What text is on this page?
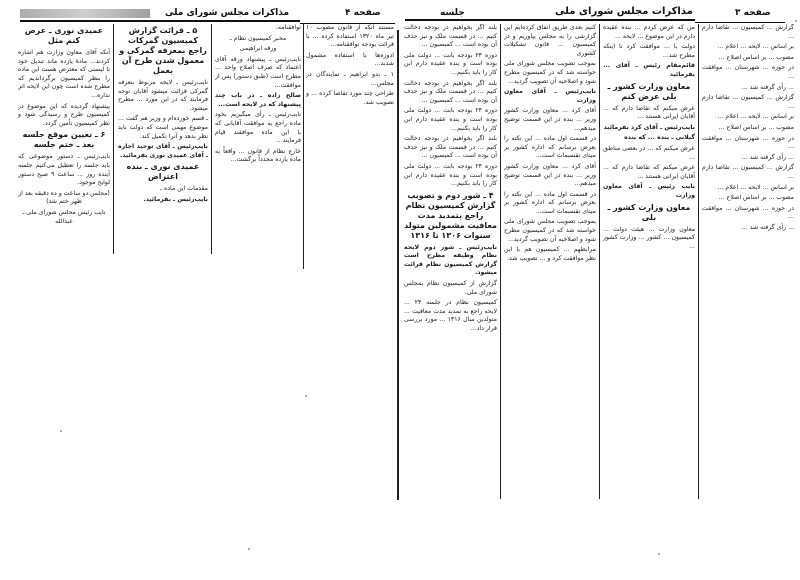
مذاکرات مجلس شورای ملی	صفحه ۴
عمیدی نوری ـ عرض کنم مثل

آنکه آقای معاون وزارت هم اشاره کردند... مادهٔ یازده ماند تبدیل خود تا لیستی که معترض هست این ماده را بنظر کمیسیون برگرداندیم که مطرح شده است چون این لایحه اثر نداره...

پیشنهاد گردیده که این موضوع در کمیسیون طرح و رسیدگی شود و نظر کمیسیون تأمین گردد.

۶ ـ تعیین موقع جلسه بعد ـ ختم جلسه

نایب‌رئیس ـ دستور موضوعی که باید جلسه را تعطیل می‌کنیم جلسه آینده روز ... ساعت ۹ صبح دستور لوایح موجود.

(مجلس دو ساعت و ده دقیقه بعد از ظهر ختم شد)

نایب رئیس مجلس شورای ملی ـ عبدالله

۵ ـ قرائت گزارش کمیسیون گمرکات راجع بمعرفه گمرکی و معمول شدن طرح آن بعمل

نایب‌رئیس ـ لایحه مربوط بتعرفه گمرکی قرائت میشود آقایان توجه فرمایند که در این مورد ... مطرح میشود.

ـ قسم خورده‌ام و وزیر هم گفت ... موضوع مهمی است که دولت باید نظر بدهد و آنرا تکمیل کند.

نایب‌رئیس ـ آقای توحید اجازه ـ آقای عمیدی نوری بفرمائید.

عمیدی نوری ـ بنده اعتراض

مقدمات این ماده ـ

نایب‌رئیس ـ بفرمائید.

توافقنامه.

مخبر کمیسیون نظام ـ

ورقه ابراهیمی

نایب‌رئیس ـ پیشنهاد ورقه آقای اعتماد که صرف اصلاح واحد ... مطرح است (طبق دستور) پس از موافقت...

صالح زاده ـ در باب چند پیشنهاد که در لایحه است...

نایب‌رئیس ـ رأی میگیریم بخود ماده راجع به موافقت آقایانی که با این ماده موافقند قیام فرمایند...

خارج نظام از قانون ... واقعاً به ماده یازده مجدداً برگشت...

مستند آنکه از قانون مصوب ۱۰ تیر ماه ۱۳۲۰ استفاده کرده ... با قرائت بودجه توافقنامه...

ادوزه‌ها با استفاده مشمول شدند...

۱ ـ بدو ابراهیم ـ نمایندگان در مجلس...

طراحی چند مورد تقاضا کرده ... و تصویب شد.

جلسه	مذاکرات مجلس شورای ملی	صفحه ۳

بلند اگر بخواهیم در بودجه دخالت کنیم ... در قسمت ملک و نیز حذف آن بوده است ... کمیسیون ...

دوره ۲۴ بودجه بابت ... دولت ملی بوده است و بنده عقیده دارم این کار را باید بکنیم...

بلند اگر بخواهیم در بودجه دخالت کنیم ... در قسمت ملک و نیز حذف آن بوده است ... کمیسیون ...

دوره ۲۴ بودجه بابت ... دولت ملی بوده است و بنده عقیده دارم این کار را باید بکنیم...

بلند اگر بخواهیم در بودجه دخالت کنیم ... در قسمت ملک و نیز حذف آن بوده است ... کمیسیون ...

دوره ۲۴ بودجه بابت ... دولت ملی بوده است و بنده عقیده دارم این کار را باید بکنیم...

۴ ـ شور دوم و تصویب گزارش کمیسیون نظام راجع بتمدید مدت معافیت مشمولین متولد سنوات ۱۳۰۶ تا ۱۳۱۶

نایب‌رئیس ـ شور دوم لایحه نظام وظیفه مطرح است گزارش کمیسیون نظام قرائت میشود.

گزارش از کمیسیون نظام بمجلس شورای ملی.

کمیسیون نظام در جلسه ۲۴ ... لایحه راجع به تمدید مدت معافیت ... متولدین سال ۱۳۱۶ ... مورد بررسی قرار داد...

کنیم بعدی طریق اتفاق کرده‌ایم این گزارشی را به مجلس بیاوریم و در کمیسیون ... قانون تشکیلات کشوری

بموجب تصویب مجلس شورای ملی خواسته شد که در کمیسیون مطرح شود و اصلاحیه آن تصویب گردید...

نایب‌رئیس ـ آقای معاون وزارت

آقای کرد ... معاون وزارت کشور وزیر ... بنده در این قسمت توضیح میدهم...

در قسمت اول ماده ... این نکته را بعرض برسانم که اداره کشور بر مبنای تقسیمات است...

آقای کرد ... معاون وزارت کشور وزیر ... بنده در این قسمت توضیح میدهم...

در قسمت اول ماده ... این نکته را بعرض برسانم که اداره کشور بر مبنای تقسیمات است...

بموجب تصویب مجلس شورای ملی خواسته شد که در کمیسیون مطرح شود و اصلاحیه آن تصویب گردید...

مرابطهم ... کمیسیون هم با این نظر موافقت کرد و ... تصویب شد.

من که عرض کردم ... بنده عقیده دارم در این موضوع ... لایحه ...

دولت با ... موافقت کرد تا اینکه مطرح شد...

قائم‌مقام رئیس ـ آقای ... بفرمائید

معاون وزارت کشور ـ بلی عرض کنم

عرض میکنم که تقاضا دارم که ... آقایان ایرانی هستند ...

نایب‌رئیس ـ آقای کرد بفرمائید

گیلانی ـ بنده ... که بنده

عرض میکنم که ... در بعضی مناطق ...

عرض میکنم که تقاضا دارم که ... آقایان ایرانی هستند ...

نایب رئیس ـ آقای معاون وزارت

معاون وزارت کشور ـ بلی

معاون وزارت ... هیئت دولت ... کمیسیون ... کشور ... وزارت کشور ...

گزارش ... کمیسیون ... تقاضا دارم ...

بر اساس ... لایحه ... اعلام ...

مصوب ... بر اساس اصلاح ...

در حوزه ... شهرستان ... موافقت ...

... رأی گرفته شد ...

گزارش ... کمیسیون ... تقاضا دارم ...

بر اساس ... لایحه ... اعلام ...

مصوب ... بر اساس اصلاح ...

در حوزه ... شهرستان ... موافقت ...

... رأی گرفته شد ...

گزارش ... کمیسیون ... تقاضا دارم ...

بر اساس ... لایحه ... اعلام ...

مصوب ... بر اساس اصلاح ...

در حوزه ... شهرستان ... موافقت ...

... رأی گرفته شد ...
